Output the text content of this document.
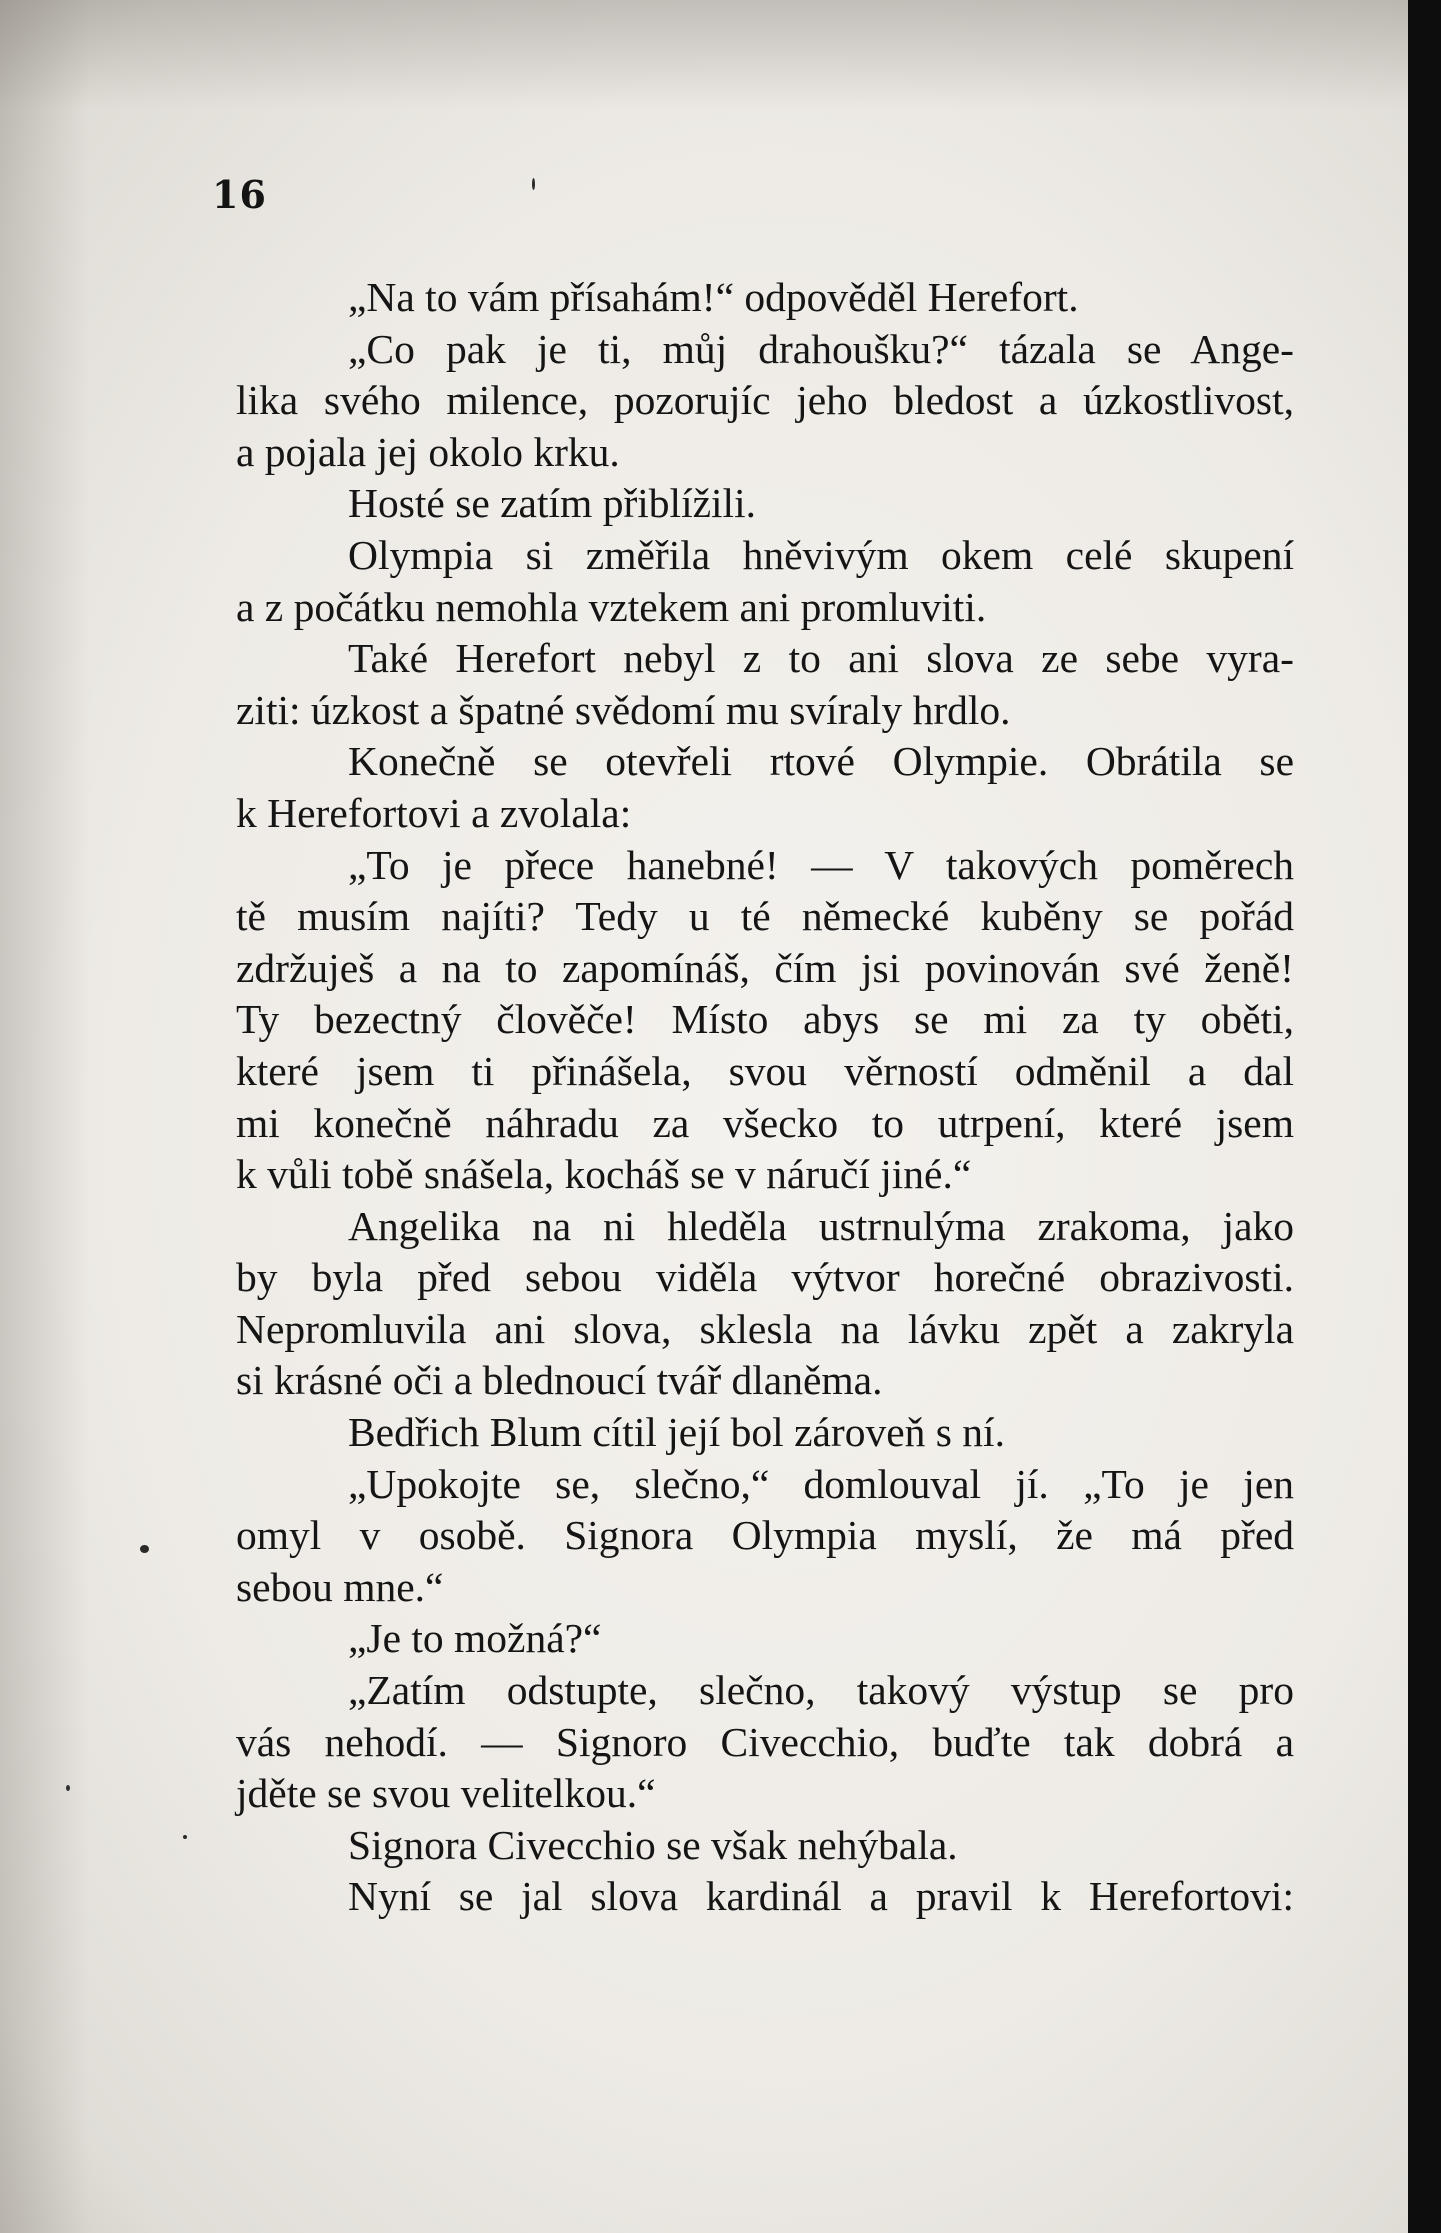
16
„Na to vám přísahám!“ odpověděl Herefort.
„Co pak je ti, můj drahoušku?“ tázala se Ange-
lika svého milence, pozorujíc jeho bledost a úzkostlivost,
a pojala jej okolo krku.
Hosté se zatím přiblížili.
Olympia si změřila hněvivým okem celé skupení
a z počátku nemohla vztekem ani promluviti.
Také Herefort nebyl z to ani slova ze sebe vyra-
ziti: úzkost a špatné svědomí mu svíraly hrdlo.
Konečně se otevřeli rtové Olympie. Obrátila se
k Herefortovi a zvolala:
„To je přece hanebné! — V takových poměrech
tě musím najíti? Tedy u té německé kuběny se pořád
zdržuješ a na to zapomínáš, čím jsi povinován své ženě!
Ty bezectný člověče! Místo abys se mi za ty oběti,
které jsem ti přinášela, svou věrností odměnil a dal
mi konečně náhradu za všecko to utrpení, které jsem
k vůli tobě snášela, kocháš se v náručí jiné.“
Angelika na ni hleděla ustrnulýma zrakoma, jako
by byla před sebou viděla výtvor horečné obrazivosti.
Nepromluvila ani slova, sklesla na lávku zpět a zakryla
si krásné oči a blednoucí tvář dlaněma.
Bedřich Blum cítil její bol zároveň s ní.
„Upokojte se, slečno,“ domlouval jí. „To je jen
omyl v osobě. Signora Olympia myslí, že má před
sebou mne.“
„Je to možná?“
„Zatím odstupte, slečno, takový výstup se pro
vás nehodí. — Signoro Civecchio, buďte tak dobrá a
jděte se svou velitelkou.“
Signora Civecchio se však nehýbala.
Nyní se jal slova kardinál a pravil k Herefortovi:
